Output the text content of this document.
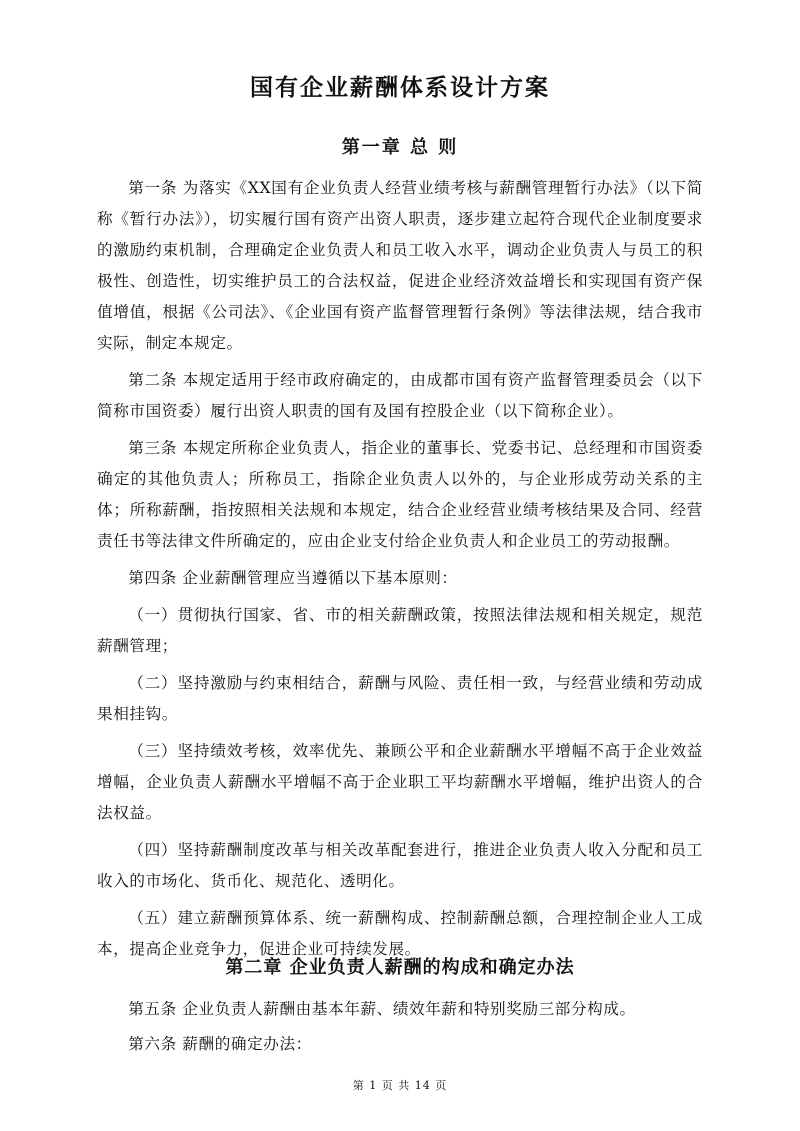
国有企业薪酬体系设计方案
第一章 总 则

第一条 为落实《XX国有企业负责人经营业绩考核与薪酬管理暂行办法》（以下简称《暂行办法》），切实履行国有资产出资人职责，逐步建立起符合现代企业制度要求的激励约束机制，合理确定企业负责人和员工收入水平，调动企业负责人与员工的积极性、创造性，切实维护员工的合法权益，促进企业经济效益增长和实现国有资产保值增值，根据《公司法》、《企业国有资产监督管理暂行条例》等法律法规，结合我市实际，制定本规定。

第二条 本规定适用于经市政府确定的，由成都市国有资产监督管理委员会（以下简称市国资委）履行出资人职责的国有及国有控股企业（以下简称企业）。

第三条 本规定所称企业负责人，指企业的董事长、党委书记、总经理和市国资委确定的其他负责人；所称员工，指除企业负责人以外的，与企业形成劳动关系的主体；所称薪酬，指按照相关法规和本规定，结合企业经营业绩考核结果及合同、经营责任书等法律文件所确定的，应由企业支付给企业负责人和企业员工的劳动报酬。

第四条 企业薪酬管理应当遵循以下基本原则：

（一）贯彻执行国家、省、市的相关薪酬政策，按照法律法规和相关规定，规范薪酬管理；

（二）坚持激励与约束相结合，薪酬与风险、责任相一致，与经营业绩和劳动成果相挂钩。

（三）坚持绩效考核，效率优先、兼顾公平和企业薪酬水平增幅不高于企业效益增幅，企业负责人薪酬水平增幅不高于企业职工平均薪酬水平增幅，维护出资人的合法权益。

（四）坚持薪酬制度改革与相关改革配套进行，推进企业负责人收入分配和员工收入的市场化、货币化、规范化、透明化。

（五）建立薪酬预算体系、统一薪酬构成、控制薪酬总额，合理控制企业人工成本，提高企业竞争力，促进企业可持续发展。

第二章 企业负责人薪酬的构成和确定办法

第五条 企业负责人薪酬由基本年薪、绩效年薪和特别奖励三部分构成。

第六条 薪酬的确定办法：

第 1 页 共 14 页
